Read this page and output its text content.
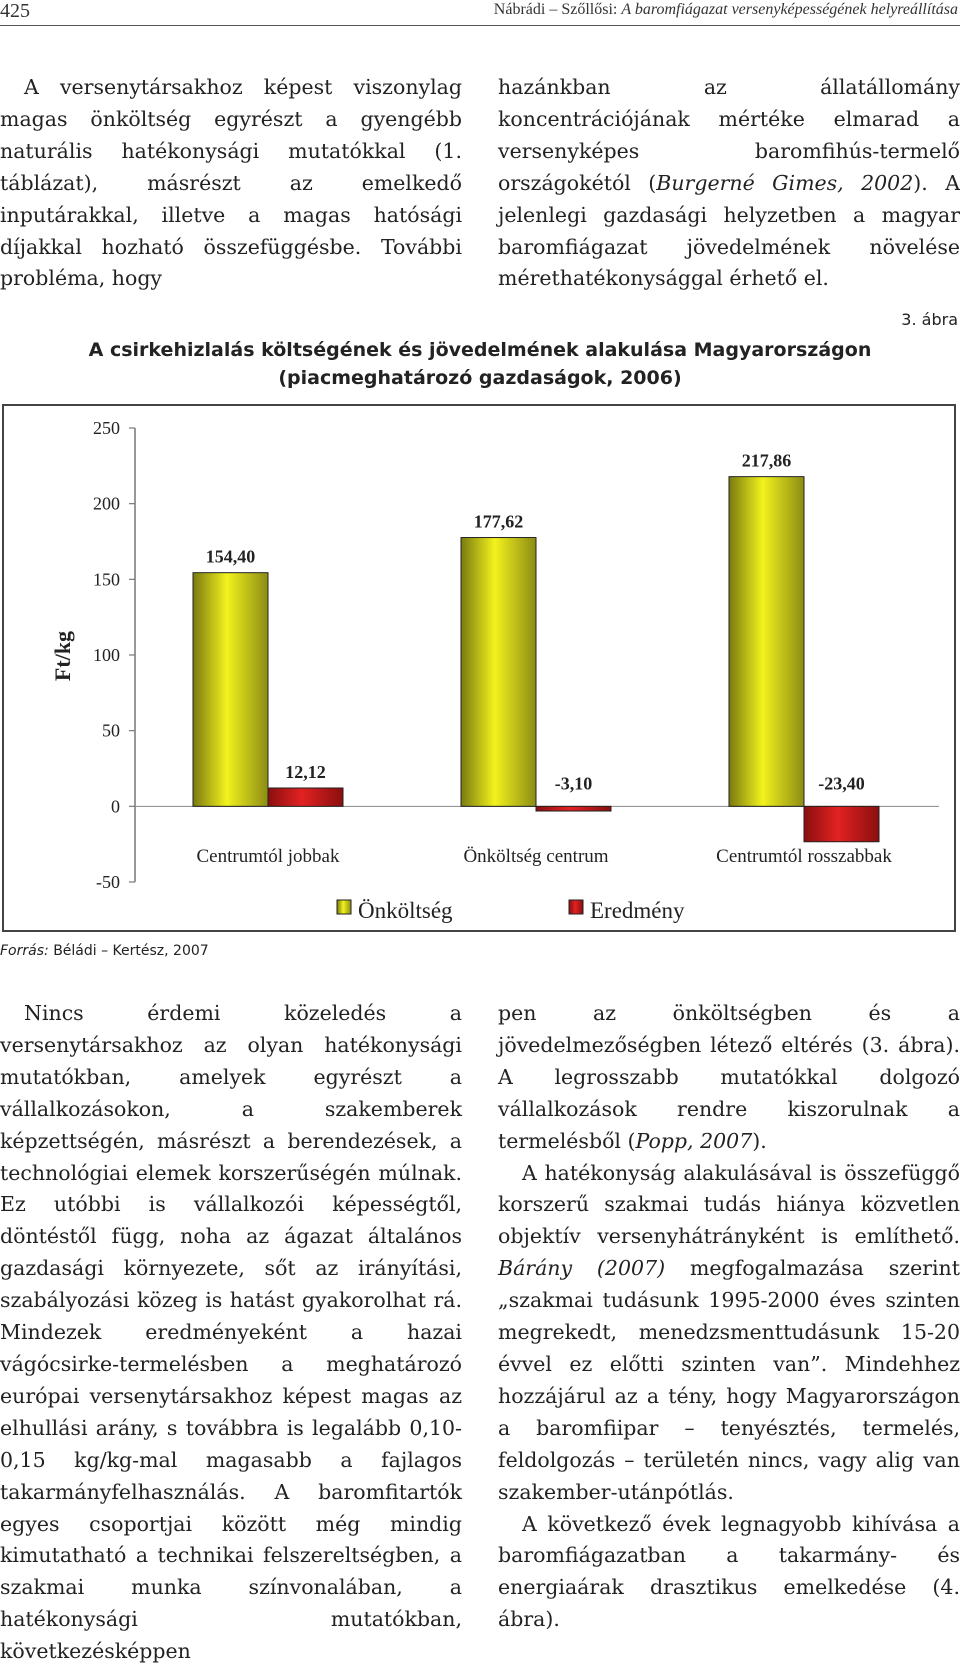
425	Nábrádi – Szőllősi: A baromfiágazat versenyképességének helyreállítása

A versenytársakhoz képest viszonylag magas önköltség egyrészt a gyengébb naturális hatékonysági mutatókkal (1. táblázat), másrészt az emelkedő inputárakkal, illetve a magas hatósági díjakkal hozható összefüggésbe. További probléma, hogy

hazánkban az állatállomány koncentrációjának mértéke elmarad a versenyképes baromfihús-termelő országokétól (Burgerné Gimes, 2002). A jelenlegi gazdasági helyzetben a magyar baromfiágazat jövedelmének növelése mérethatékonysággal érhető el.

3. ábra
A csirkehizlalás költségének és jövedelmének alakulása Magyarországon
(piacmeghatározó gazdaságok, 2006)
250
200
150
100
50
0
-50
Ft/kg
154,40
12,12
Centrumtól jobbak
177,62
-3,10
Önköltség centrum
217,86
-23,40
Centrumtól rosszabbak
Önköltség	Eredmény
Forrás: Béládi – Kertész, 2007

Nincs érdemi közeledés a versenytársakhoz az olyan hatékonysági mutatókban, amelyek egyrészt a vállalkozásokon, a szakemberek képzettségén, másrészt a berendezések, a technológiai elemek korszerűségén múlnak. Ez utóbbi is vállalkozói képességtől, döntéstől függ, noha az ágazat általános gazdasági környezete, sőt az irányítási, szabályozási közeg is hatást gyakorolhat rá. Mindezek eredményeként a hazai vágócsirke-termelésben a meghatározó európai versenytársakhoz képest magas az elhullási arány, s továbbra is legalább 0,10-0,15 kg/kg-mal magasabb a fajlagos takarmányfelhasználás. A baromfitartók egyes csoportjai között még mindig kimutatható a technikai felszereltségben, a szakmai munka színvonalában, a hatékonysági mutatókban, következésképpen

pen az önköltségben és a jövedelmezőségben létező eltérés (3. ábra). A legrosszabb mutatókkal dolgozó vállalkozások rendre kiszorulnak a termelésből (Popp, 2007).

A hatékonyság alakulásával is összefüggő korszerű szakmai tudás hiánya közvetlen objektív versenyhátrányként is említhető. Bárány (2007) megfogalmazása szerint „szakmai tudásunk 1995-2000 éves szinten megrekedt, menedzsmenttudásunk 15-20 évvel ez előtti szinten van”. Mindehhez hozzájárul az a tény, hogy Magyarországon a baromfiipar – tenyésztés, termelés, feldolgozás – területén nincs, vagy alig van szakember-utánpótlás.

A következő évek legnagyobb kihívása a baromfiágazatban a takarmány- és energiaárak drasztikus emelkedése (4. ábra).
